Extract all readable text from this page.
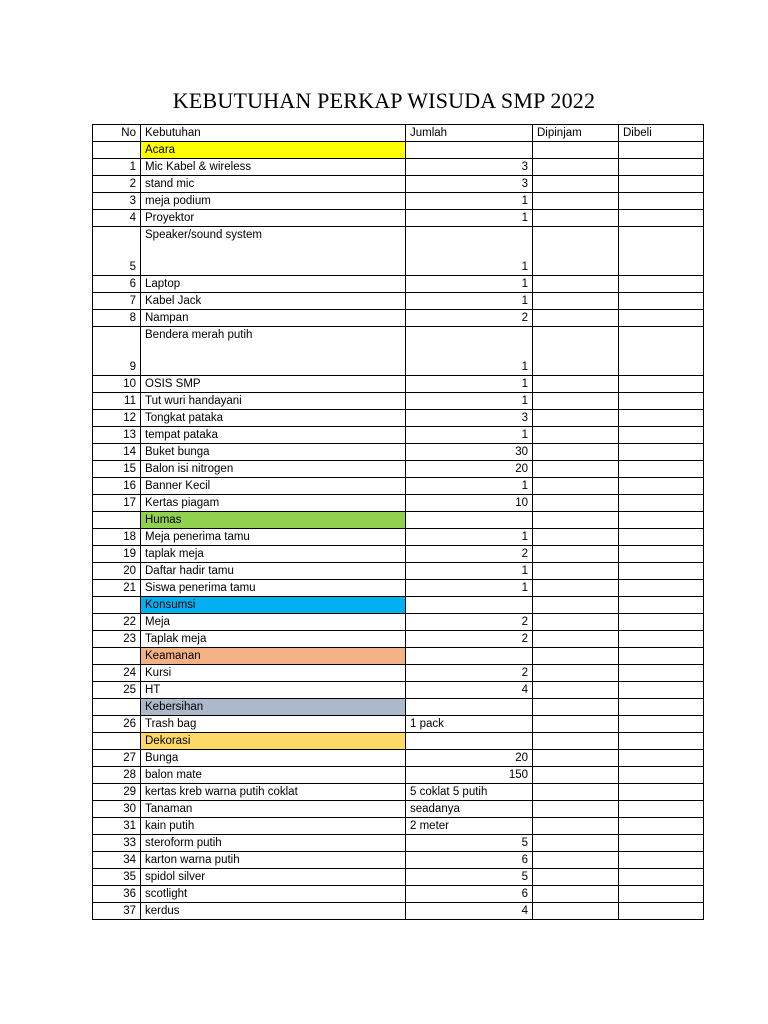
KEBUTUHAN PERKAP WISUDA SMP 2022
No	Kebutuhan	Jumlah	Dipinjam	Dibeli
	Acara			
1	Mic Kabel & wireless	3		
2	stand mic	3		
3	meja podium	1		
4	Proyektor	1		
5	Speaker/sound system	1		
6	Laptop	1		
7	Kabel Jack	1		
8	Nampan	2		
9	Bendera merah putih	1		
10	OSIS SMP	1		
11	Tut wuri handayani	1		
12	Tongkat pataka	3		
13	tempat pataka	1		
14	Buket bunga	30		
15	Balon isi nitrogen	20		
16	Banner Kecil	1		
17	Kertas piagam	10		
	Humas			
18	Meja penerima tamu	1		
19	taplak meja	2		
20	Daftar hadir tamu	1		
21	Siswa penerima tamu	1		
	Konsumsi			
22	Meja	2		
23	Taplak meja	2		
	Keamanan			
24	Kursi	2		
25	HT	4		
	Kebersihan			
26	Trash bag	1 pack		
	Dekorasi			
27	Bunga	20		
28	balon mate	150		
29	kertas kreb warna putih coklat	5 coklat 5 putih		
30	Tanaman	seadanya		
31	kain putih	2 meter		
33	steroform putih	5		
34	karton warna putih	6		
35	spidol silver	5		
36	scotlight	6		
37	kerdus	4		
